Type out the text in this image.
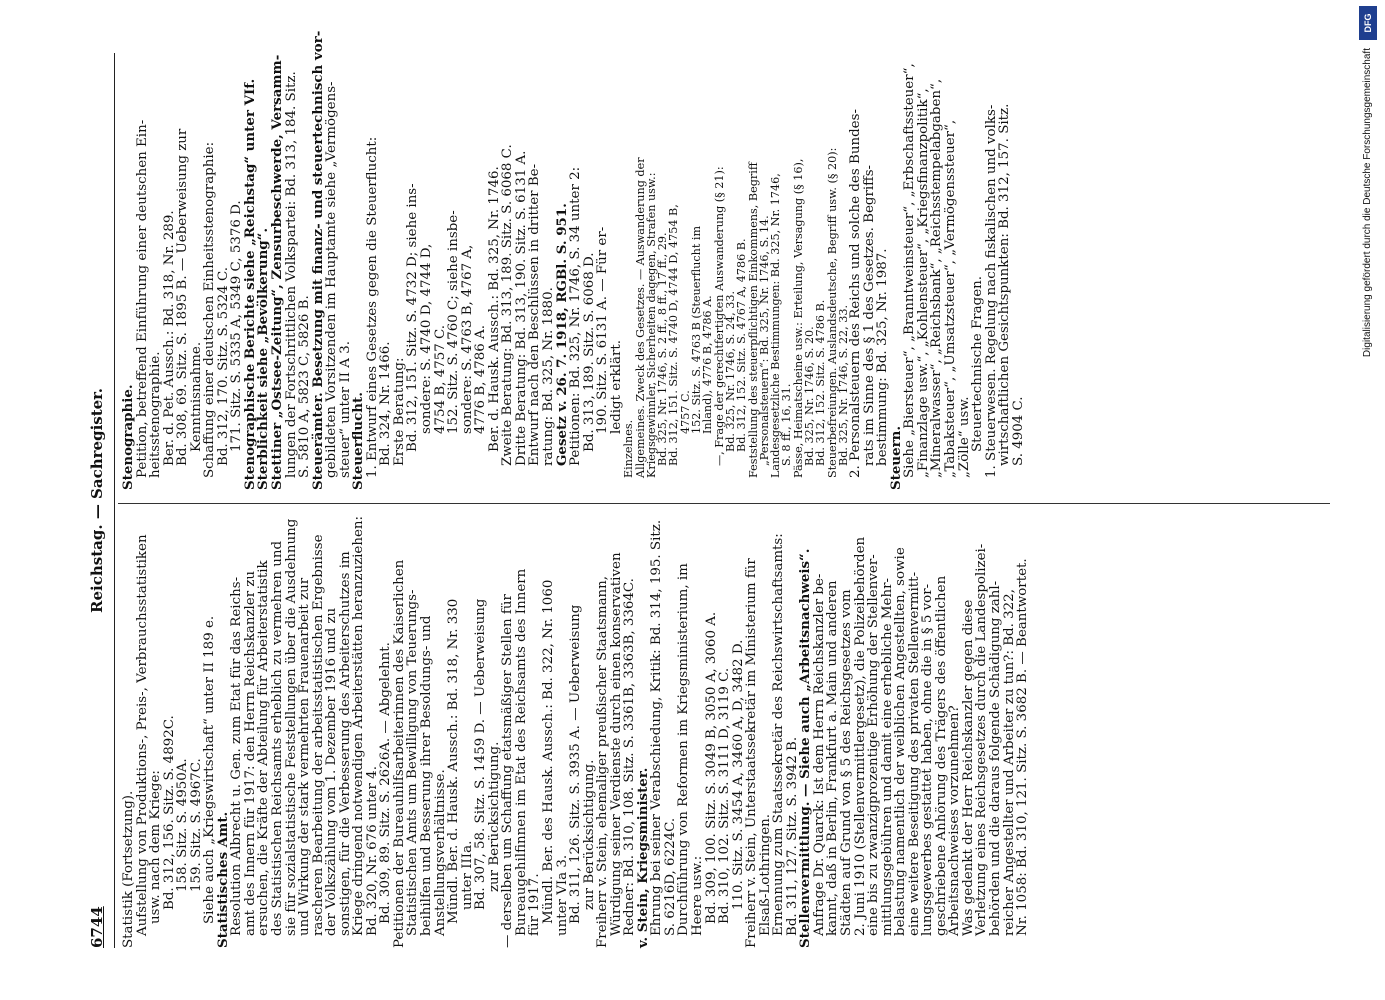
6744
Reichstag. — Sachregister.
Statistik (Fortsetzung).
Aufstellung von Produktions-, Preis-, Verbrauchsstatistiken
usw. nach dem Kriege:
Bd. 312, 156. Sitz. S. 4892C.
158. Sitz. S. 4950A.
159. Sitz. S. 4967C.
Siehe auch „Kriegswirtschaft“ unter II 189 e.
Statistisches Amt.
Resolution Albrecht u. Gen. zum Etat für das Reichs-
amt des Innern für 1917: den Herrn Reichskanzler zu
ersuchen, die Kräfte der Abteilung für Arbeiterstatistik
des Statistischen Reichsamts erheblich zu vermehren und
sie für sozialstatistische Feststellungen über die Ausdehnung
und Wirkung der stark vermehrten Frauenarbeit zur
rascheren Bearbeitung der arbeitsstatistischen Ergebnisse
der Volkszählung vom 1. Dezember 1916 und zu
sonstigen, für die Verbesserung des Arbeiterschutzes im
Kriege dringend notwendigen Arbeiterstätten heranzuziehen:
Bd. 320, Nr. 676 unter 4.
Bd. 309, 89. Sitz. S. 2626A. — Abgelehnt.
Petitionen der Bureauhilfsarbeiterinnen des Kaiserlichen
Statistischen Amts um Bewilligung von Teuerungs-
beihilfen und Besserung ihrer Besoldungs- und
Anstellungsverhältnisse.
Mündl. Ber. d. Hausk. Aussch.: Bd. 318, Nr. 330
unter IIIa.
Bd. 307, 58. Sitz. S. 1459 D. — Ueberweisung
zur Berücksichtigung.
— derselben um Schaffung etatsmäßiger Stellen für
Bureaugehilfinnen im Etat des Reichsamts des Innern
für 1917.
Mündl. Ber. des Hausk. Aussch.: Bd. 322, Nr. 1060
unter VIa 3.
Bd. 311, 126. Sitz. S. 3935 A. — Ueberweisung
zur Berücksichtigung.
Freiherr v. Stein, ehemaliger preußischer Staatsmann,
Würdigung seiner Verdienste durch einen konservativen
Redner: Bd. 310, 108. Sitz. S. 3361B, 3363B, 3364C.
v. Stein, Kriegsminister.
Ehrung bei seiner Verabschiedung, Kritik: Bd. 314, 195. Sitz.
S. 6216D, 6224C.
Durchführung von Reformen im Kriegsministerium, im
Heere usw.:
Bd. 309, 100. Sitz. S. 3049 B, 3050 A, 3060 A.
Bd. 310, 102. Sitz. S. 3111 D, 3119 C.
110. Sitz. S. 3454 A, 3460 A, D, 3482 D.
Freiherr v. Stein, Unterstaatssekretär im Ministerium für
Elsaß-Lothringen.
Ernennung zum Staatssekretär des Reichswirtschaftsamts:
Bd. 311, 127. Sitz. S. 3942 B.
Stellenvermittlung. — Siehe auch „Arbeitsnachweis“.
Anfrage Dr. Quarck: Ist dem Herrn Reichskanzler be-
kannt, daß in Berlin, Frankfurt a. Main und anderen
Städten auf Grund von § 5 des Reichsgesetzes vom
2. Juni 1910 (Stellenvermittlergesetz), die Polizeibehörden
eine bis zu zwanzigprozentige Erhöhung der Stellenver-
mittlungsgebühren und damit eine erhebliche Mehr-
belastung namentlich der weiblichen Angestellten, sowie
eine weitere Beseitigung des privaten Stellenvermitt-
lungsgewerbes gestattet haben, ohne die in § 5 vor-
geschriebene Anhörung des Trägers des öffentlichen
Arbeitsnachweises vorzunehmen?
Was gedenkt der Herr Reichskanzler gegen diese
Verletzung eines Reichsgesetzes durch die Landespolizei-
behörden und die daraus folgende Schädigung zahl-
reicher Angestellter und Arbeiter zu tun?: Bd. 322,
Nr. 1058: Bd. 310, 121. Sitz. S. 3682 B. — Beantwortet.
Stenographie.
Petition, betreffend Einführung einer deutschen Ein-
heitsstenographie.
Ber. d. Pet. Aussch.: Bd. 318, Nr. 289.
Bd. 308, 69. Sitz. S. 1895 B. — Ueberweisung zur
Kenntnisnahme.
Schaffung einer deutschen Einheitsstenographie:
Bd. 312, 170. Sitz. S. 5324 C.
171. Sitz. S. 5335 A, 5349 C, 5376 D.
Stenographische Berichte siehe „Reichstag“ unter VIf.
Sterblichkeit siehe „Bevölkerung“.
Stettiner „Ostsee-Zeitung“, Zensurbeschwerde, Versamm-
lungen der Fortschrittlichen Volkspartei: Bd. 313, 184. Sitz.
S. 5810 A, 5823 C, 5826 B.
Steuerämter. Besetzung mit finanz- und steuertechnisch vor-
gebildeten Vorsitzenden im Hauptamte siehe „Vermögens-
steuer“ unter II A 3.
Steuerflucht.
1. Entwurf eines Gesetzes gegen die Steuerflucht:
Bd. 324, Nr. 1466.
Erste Beratung:
Bd. 312, 151. Sitz. S. 4732 D; siehe ins-
sondere: S. 4740 D, 4744 D,
4754 B, 4757 C.
152. Sitz. S. 4760 C; siehe insbe-
sondere: S. 4763 B, 4767 A,
4776 B, 4786 A.
Ber. d. Hausk. Aussch.: Bd. 325, Nr. 1746.
Zweite Beratung: Bd. 313, 189. Sitz. S. 6068 C.
Dritte Beratung: Bd. 313, 190. Sitz. S. 6131 A.
Entwurf nach den Beschlüssen in dritter Be-
ratung: Bd. 325, Nr. 1880.
Gesetz v. 26. 7. 1918, RGBl. S. 951.
Petitionen: Bd. 325, Nr. 1746, S. 34 unter 2:
Bd. 313, 189. Sitz. S. 6068 D.
190. Sitz. S. 6131 A. — Für er-
ledigt erklärt.
Einzelnes.
Allgemeines. Zweck des Gesetzes. — Auswanderung der
Kriegsgewinnler, Sicherheiten dagegen, Strafen usw.:
Bd. 325, Nr. 1746, S. 2 ff., 8 ff., 17 ff., 29.
Bd. 312, 151. Sitz. S. 4740 D, 4744 D, 4754 B,
4757 C.
152. Sitz. S. 4763 B (Steuerflucht im
Inland), 4776 B, 4786 A.
—, Frage der gerechtfertigten Auswanderung (§ 21):
Bd. 325, Nr. 1746, S. 24, 33.
Bd. 312, 152. Sitz. S. 4767 A, 4786 B.
Feststellung des steuerpflichtigen Einkommens, Begriff
„Personalsteuern“: Bd. 325, Nr. 1746, S. 14.
Landesgesetzliche Bestimmungen: Bd. 325, Nr. 1746,
S. 8 ff., 16, 31.
Pässe, Heimatscheine usw.: Erteilung, Versagung (§ 16),
Bd. 325, Nr. 1746, S. 20.
Bd. 312, 152. Sitz. S. 4786 B.
Steuerbefreiungen. Auslandsdeutsche, Begriff usw. (§ 20):
Bd. 325, Nr. 1746, S. 22, 33.
2. Personalsteuern des Reichs und solche des Bundes-
rats im Sinne des § 1 des Gesetzes. Begriffs-
bestimmung: Bd. 325, Nr. 1987.
Steuern.
Siehe „Biersteuer“, „Branntweinsteuer“, „Erbschaftssteuer“,
„Finanzlage usw.“, „Kohlensteuer“, „Kriegsfinanzpolitik“,
„Mineralwasser“, „Reichsbank“, „Reichsstempelabgaben“,
„Tabaksteuer“, „Umsatzsteuer“, „Vermögenssteuer“,
„Zölle“ usw.
Steuertechnische Fragen.
1. Steuerwesen. Regelung nach fiskalischen und volks-
wirtschaftlichen Gesichtspunkten: Bd. 312, 157. Sitz.
S. 4904 C.
DFG
Digitalisierung gefördert durch die Deutsche Forschungsgemeinschaft
